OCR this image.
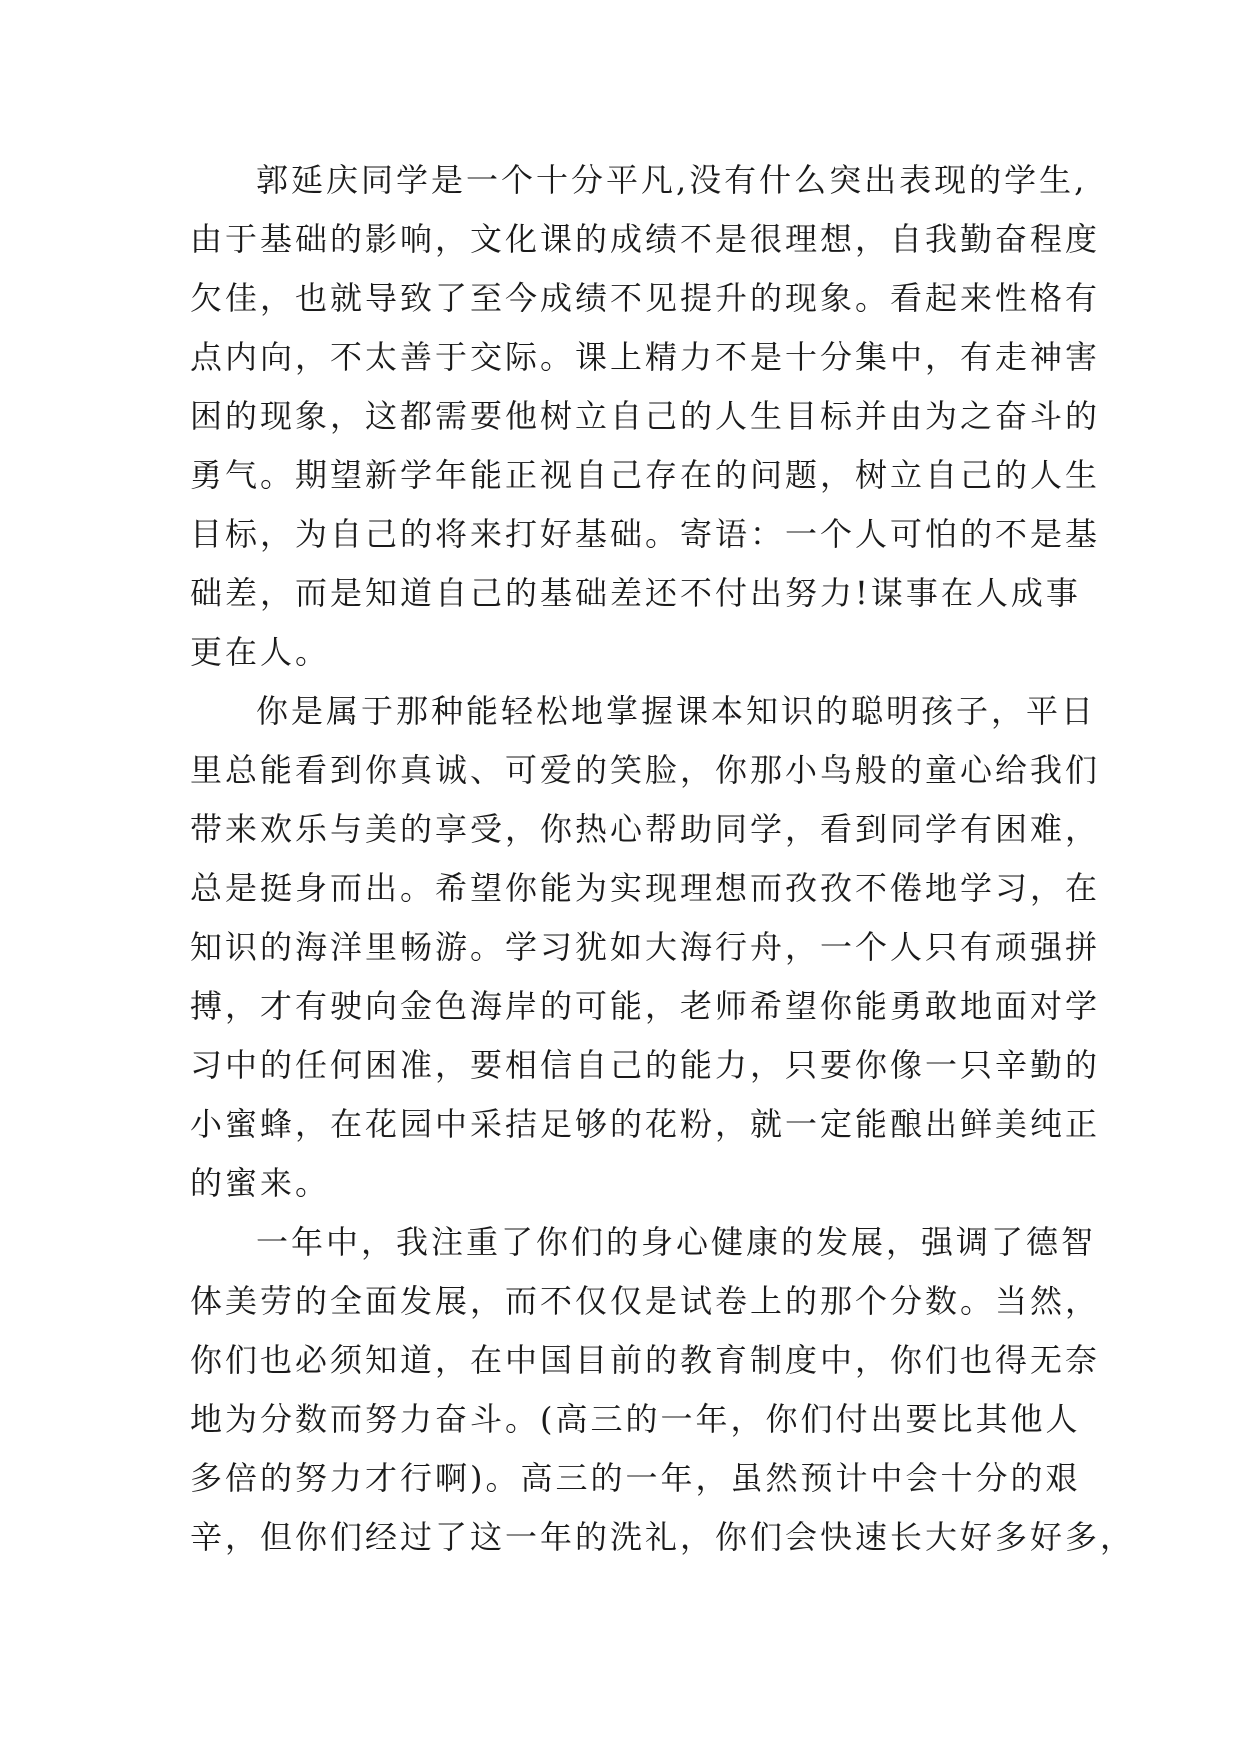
郭延庆同学是一个十分平凡,没有什么突出表现的学生,
由于基础的影响，文化课的成绩不是很理想，自我勤奋程度
欠佳，也就导致了至今成绩不见提升的现象。看起来性格有
点内向，不太善于交际。课上精力不是十分集中，有走神害
困的现象，这都需要他树立自己的人生目标并由为之奋斗的
勇气。期望新学年能正视自己存在的问题，树立自己的人生
目标，为自己的将来打好基础。寄语：一个人可怕的不是基
础差，而是知道自己的基础差还不付出努力!谋事在人成事
更在人。
你是属于那种能轻松地掌握课本知识的聪明孩子，平日
里总能看到你真诚、可爱的笑脸，你那小鸟般的童心给我们
带来欢乐与美的享受，你热心帮助同学，看到同学有困难，
总是挺身而出。希望你能为实现理想而孜孜不倦地学习，在
知识的海洋里畅游。学习犹如大海行舟，一个人只有顽强拼
搏，才有驶向金色海岸的可能，老师希望你能勇敢地面对学
习中的任何困准，要相信自己的能力，只要你像一只辛勤的
小蜜蜂，在花园中采拮足够的花粉，就一定能酿出鲜美纯正
的蜜来。
一年中，我注重了你们的身心健康的发展，强调了德智
体美劳的全面发展，而不仅仅是试卷上的那个分数。当然，
你们也必须知道，在中国目前的教育制度中，你们也得无奈
地为分数而努力奋斗。(高三的一年，你们付出要比其他人
多倍的努力才行啊)。高三的一年，虽然预计中会十分的艰
辛，但你们经过了这一年的洗礼，你们会快速长大好多好多，
